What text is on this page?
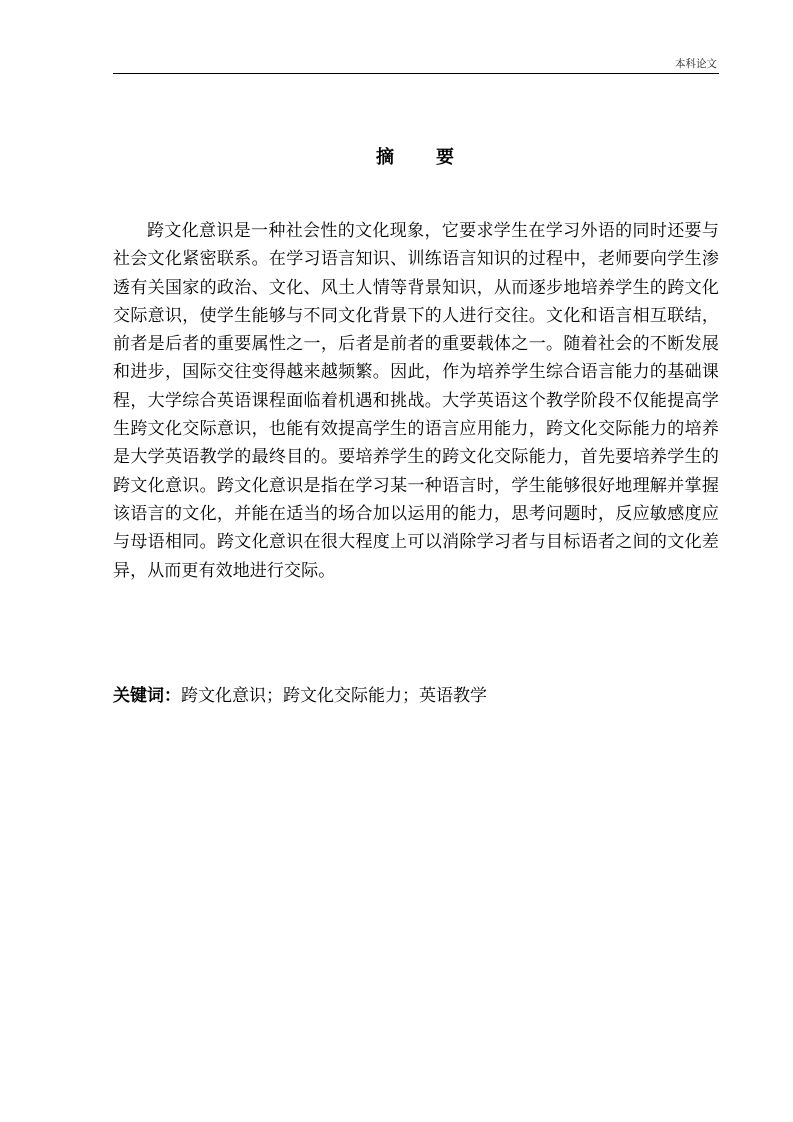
本科论文
摘 要

跨文化意识是一种社会性的文化现象，它要求学生在学习外语的同时还要与社会文化紧密联系。在学习语言知识、训练语言知识的过程中，老师要向学生渗透有关国家的政治、文化、风土人情等背景知识，从而逐步地培养学生的跨文化交际意识，使学生能够与不同文化背景下的人进行交往。文化和语言相互联结，前者是后者的重要属性之一，后者是前者的重要载体之一。随着社会的不断发展和进步，国际交往变得越来越频繁。因此，作为培养学生综合语言能力的基础课程，大学综合英语课程面临着机遇和挑战。大学英语这个教学阶段不仅能提高学生跨文化交际意识，也能有效提高学生的语言应用能力，跨文化交际能力的培养是大学英语教学的最终目的。要培养学生的跨文化交际能力，首先要培养学生的跨文化意识。跨文化意识是指在学习某一种语言时，学生能够很好地理解并掌握该语言的文化，并能在适当的场合加以运用的能力，思考问题时，反应敏感度应与母语相同。跨文化意识在很大程度上可以消除学习者与目标语者之间的文化差异，从而更有效地进行交际。

关键词：跨文化意识；跨文化交际能力；英语教学
